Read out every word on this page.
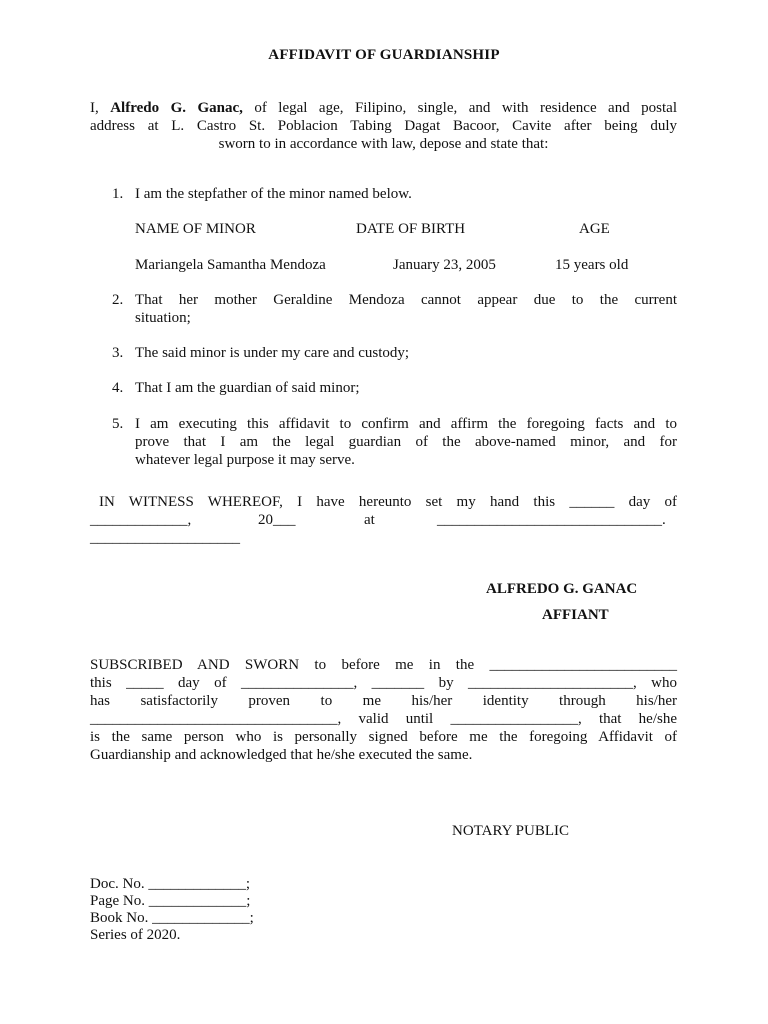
AFFIDAVIT OF GUARDIANSHIP
I, Alfredo G. Ganac, of legal age, Filipino, single, and with residence and postal
address at L. Castro St. Poblacion Tabing Dagat Bacoor, Cavite after being duly
sworn to in accordance with law, depose and state that:
1. I am the stepfather of the minor named below.
NAME OF MINOR	DATE OF BIRTH	AGE
Mariangela Samantha Mendoza	January 23, 2005	15 years old
2. That her mother Geraldine Mendoza cannot appear due to the current
situation;
3. The said minor is under my care and custody;
4. That I am the guardian of said minor;
5. I am executing this affidavit to confirm and affirm the foregoing facts and to
prove that I am the legal guardian of the above-named minor, and for
whatever legal purpose it may serve.
IN WITNESS WHEREOF, I have hereunto set my hand this ______ day of
_____________,	20___	at	______________________________.
____________________
ALFREDO G. GANAC
AFFIANT
SUBSCRIBED AND SWORN to before me in the _________________________
this _____ day of _______________, _______ by ______________________, who
has satisfactorily proven to me his/her identity through his/her
_________________________________, valid until _________________, that he/she
is the same person who is personally signed before me the foregoing Affidavit of
Guardianship and acknowledged that he/she executed the same.
NOTARY PUBLIC
Doc. No. _____________;
Page No. _____________;
Book No. _____________;
Series of 2020.
